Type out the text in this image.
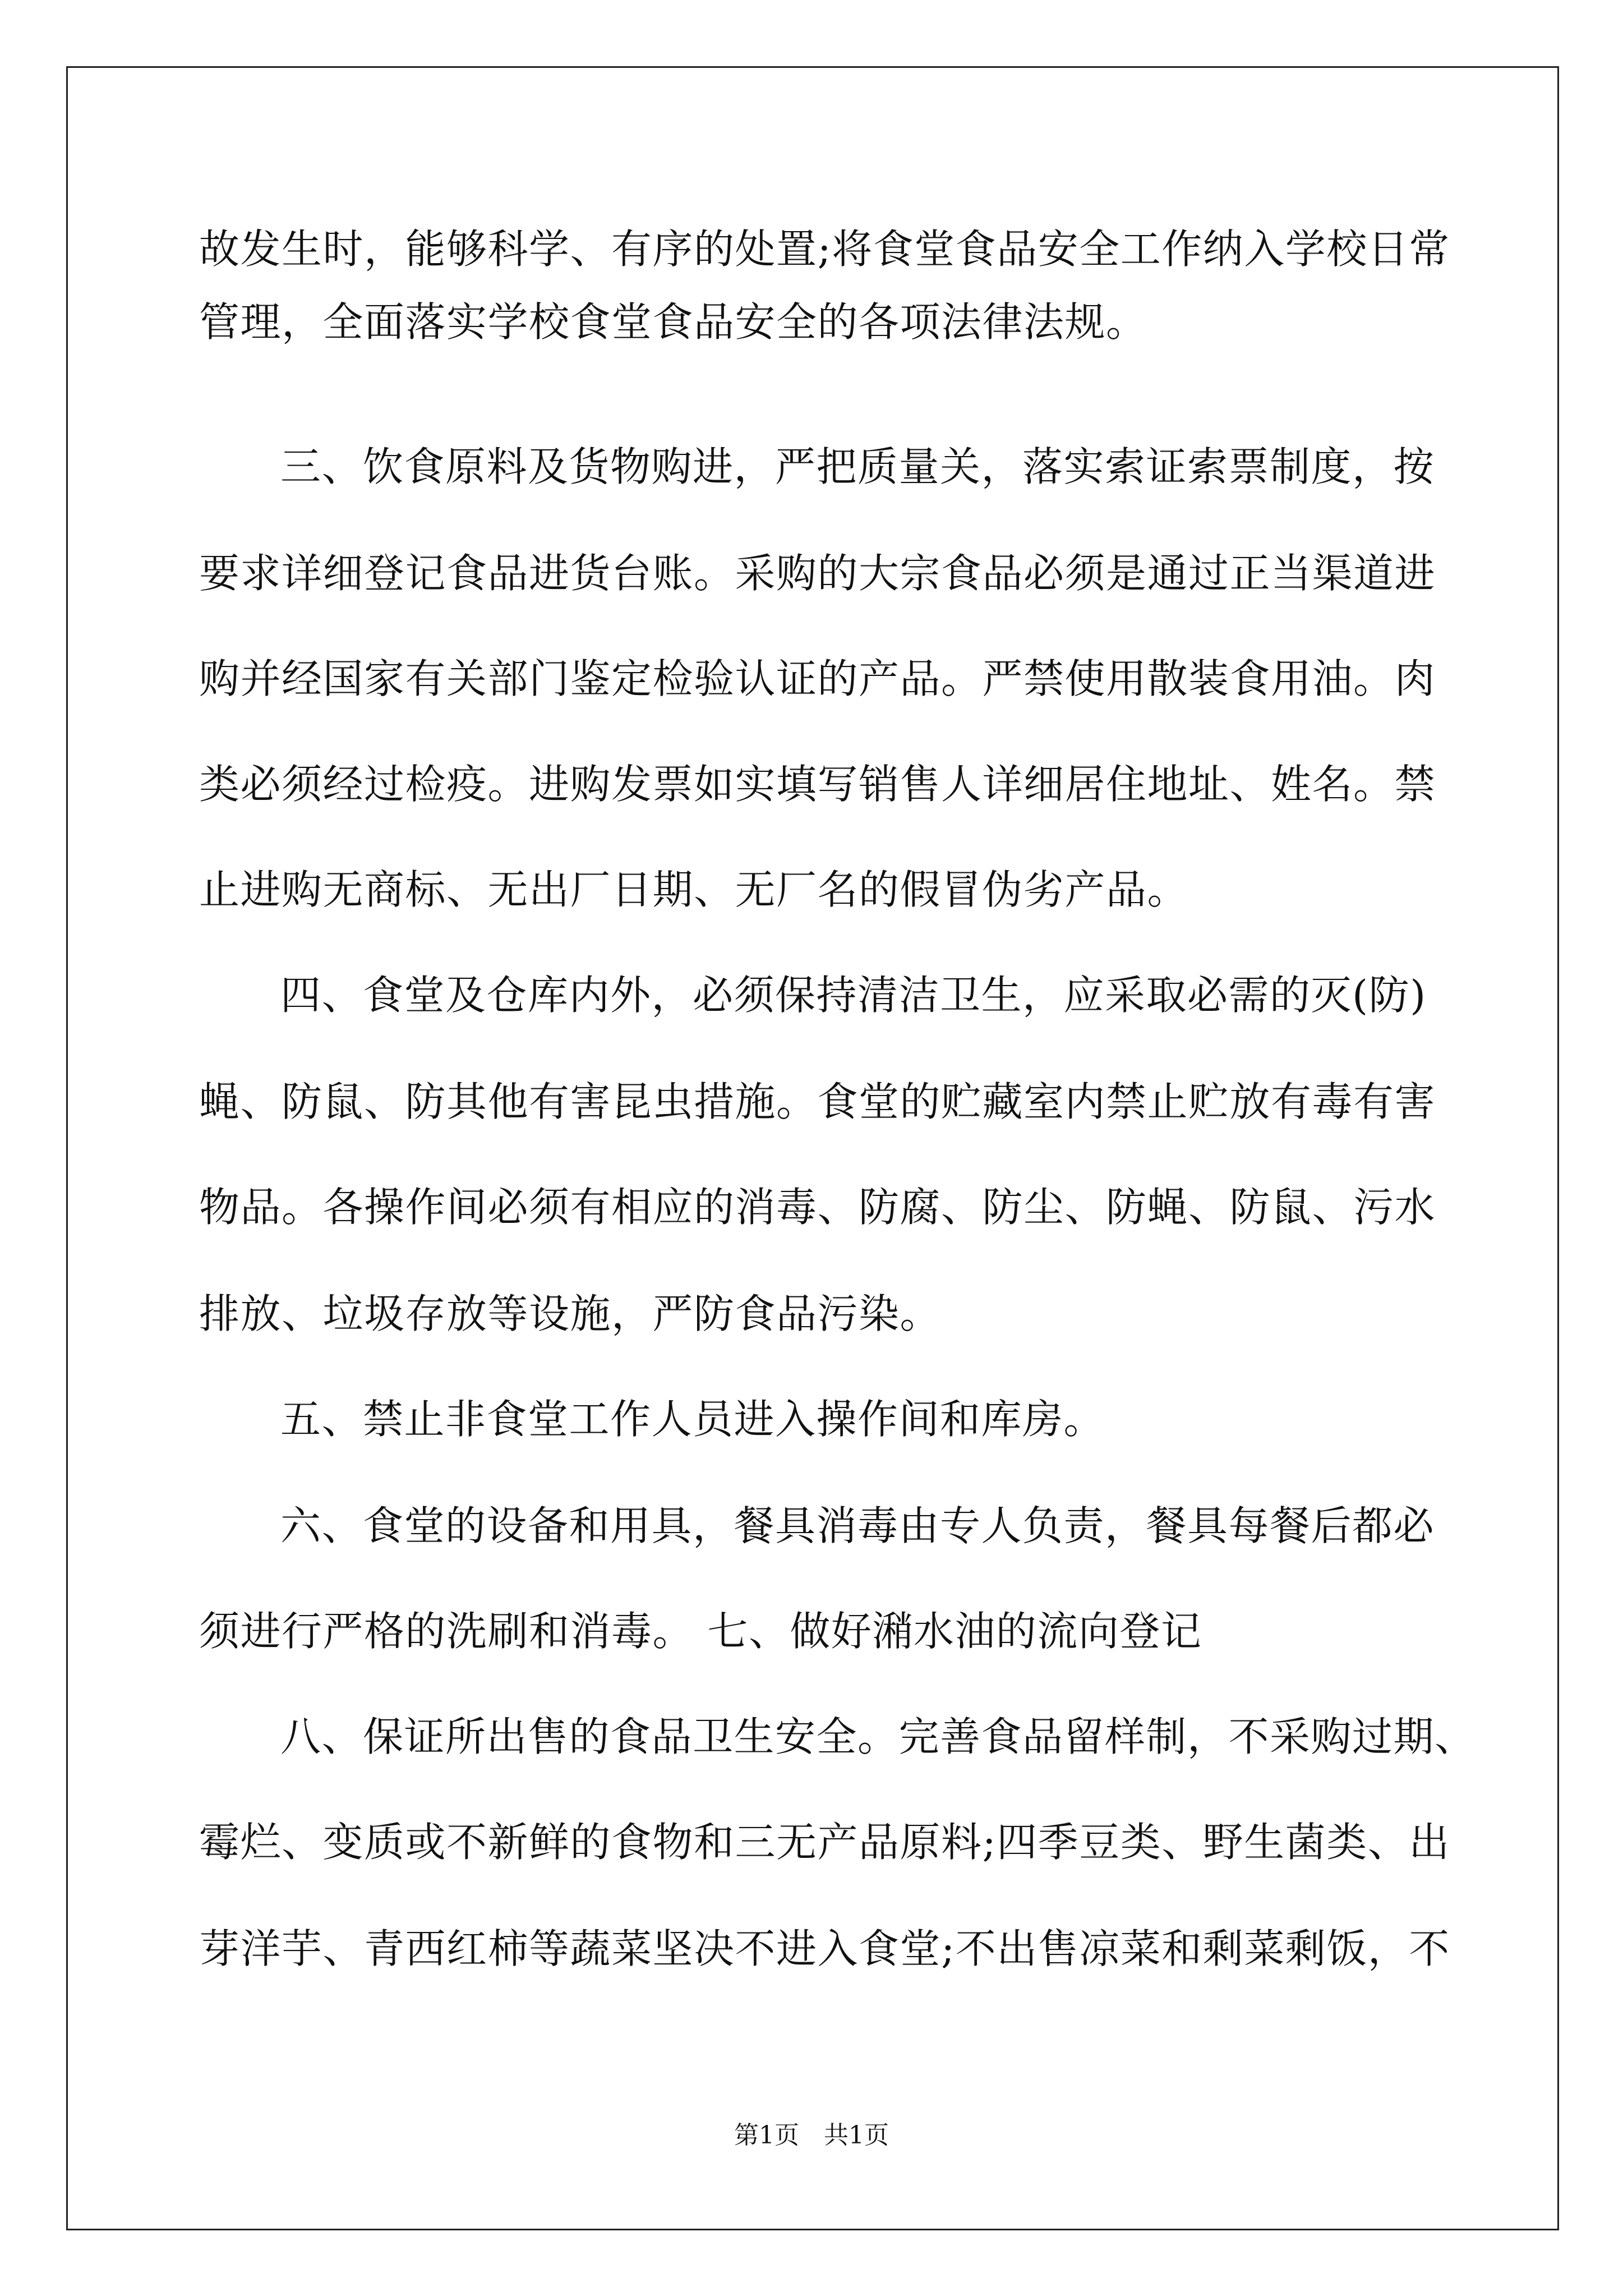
故发生时，能够科学、有序的处置;将食堂食品安全工作纳入学校日常
管理，全面落实学校食堂食品安全的各项法律法规。
三、饮食原料及货物购进，严把质量关，落实索证索票制度，按
要求详细登记食品进货台账。采购的大宗食品必须是通过正当渠道进
购并经国家有关部门鉴定检验认证的产品。严禁使用散装食用油。肉
类必须经过检疫。进购发票如实填写销售人详细居住地址、姓名。禁
止进购无商标、无出厂日期、无厂名的假冒伪劣产品。
四、食堂及仓库内外，必须保持清洁卫生，应采取必需的灭(防)
蝇、防鼠、防其他有害昆虫措施。食堂的贮藏室内禁止贮放有毒有害
物品。各操作间必须有相应的消毒、防腐、防尘、防蝇、防鼠、污水
排放、垃圾存放等设施，严防食品污染。
五、禁止非食堂工作人员进入操作间和库房。
六、食堂的设备和用具，餐具消毒由专人负责，餐具每餐后都必
须进行严格的洗刷和消毒。 七、做好潲水油的流向登记
八、保证所出售的食品卫生安全。完善食品留样制，不采购过期、
霉烂、变质或不新鲜的食物和三无产品原料;四季豆类、野生菌类、出
芽洋芋、青西红柿等蔬菜坚决不进入食堂;不出售凉菜和剩菜剩饭，不
第1页　共1页
